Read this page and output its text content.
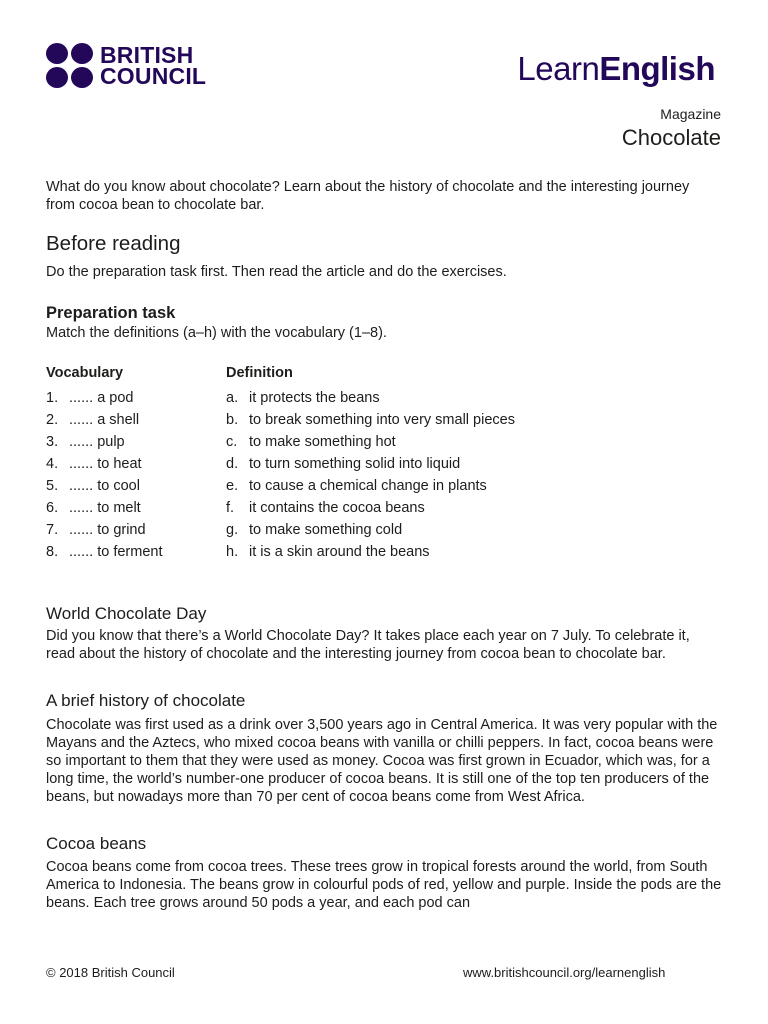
BRITISH
COUNCIL	LearnEnglish
Magazine
Chocolate

What do you know about chocolate? Learn about the history of chocolate and the interesting journey from cocoa bean to chocolate bar.

Before reading

Do the preparation task first. Then read the article and do the exercises.

Preparation task

Match the definitions (a–h) with the vocabulary (1–8).

Vocabulary	Definition
1. ...... a pod	a. it protects the beans
2. ...... a shell	b. to break something into very small pieces
3. ...... pulp	c. to make something hot
4. ...... to heat	d. to turn something solid into liquid
5. ...... to cool	e. to cause a chemical change in plants
6. ...... to melt	f. it contains the cocoa beans
7. ...... to grind	g. to make something cold
8. ...... to ferment	h. it is a skin around the beans
World Chocolate Day

Did you know that there’s a World Chocolate Day? It takes place each year on 7 July. To celebrate it, read about the history of chocolate and the interesting journey from cocoa bean to chocolate bar.

A brief history of chocolate

Chocolate was first used as a drink over 3,500 years ago in Central America. It was very popular with the Mayans and the Aztecs, who mixed cocoa beans with vanilla or chilli peppers. In fact, cocoa beans were so important to them that they were used as money. Cocoa was first grown in Ecuador, which was, for a long time, the world’s number-one producer of cocoa beans. It is still one of the top ten producers of the beans, but nowadays more than 70 per cent of cocoa beans come from West Africa.

Cocoa beans

Cocoa beans come from cocoa trees. These trees grow in tropical forests around the world, from South America to Indonesia. The beans grow in colourful pods of red, yellow and purple. Inside the pods are the beans. Each tree grows around 50 pods a year, and each pod can

© 2018 British Council	www.britishcouncil.org/learnenglish
